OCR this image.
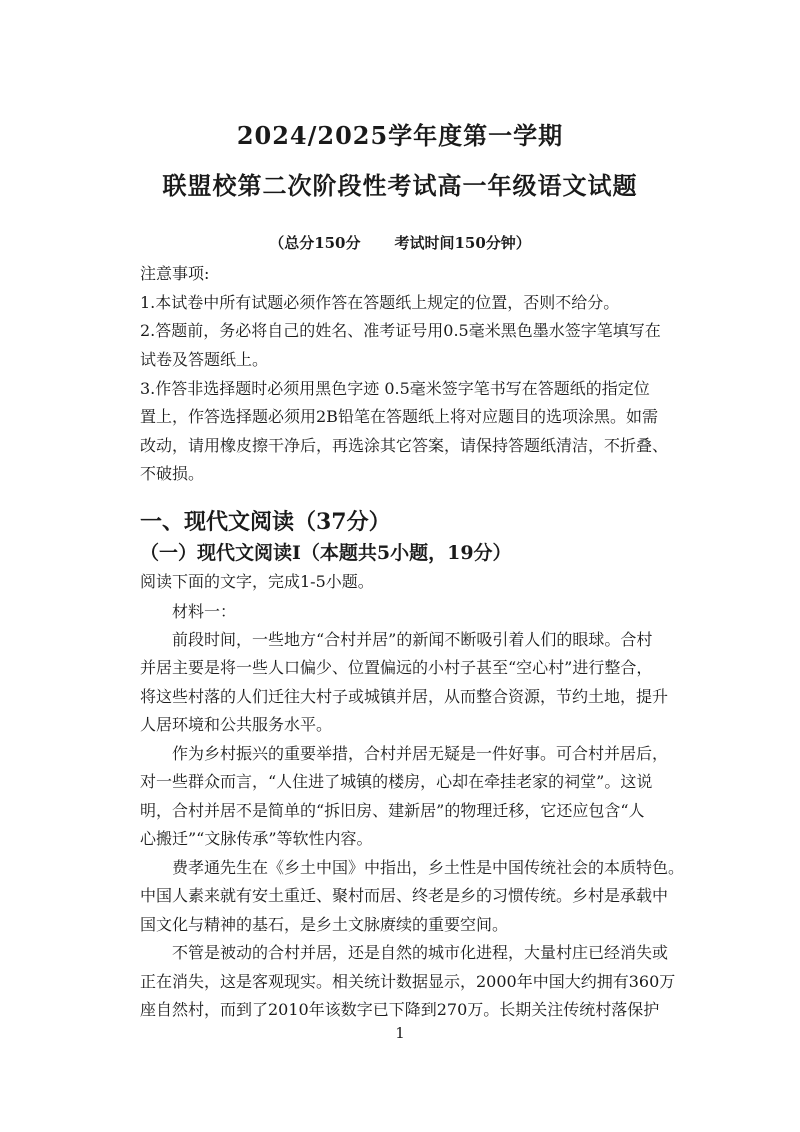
2024/2025学年度第一学期
联盟校第二次阶段性考试高一年级语文试题
（总分150分 考试时间150分钟）
注意事项:
1.本试卷中所有试题必须作答在答题纸上规定的位置，否则不给分。
2.答题前，务必将自己的姓名、准考证号用0.5毫米黑色墨水签字笔填写在
试卷及答题纸上。
3.作答非选择题时必须用黑色字迹 0.5毫米签字笔书写在答题纸的指定位
置上，作答选择题必须用2B铅笔在答题纸上将对应题目的选项涂黑。如需
改动，请用橡皮擦干净后，再选涂其它答案，请保持答题纸清洁，不折叠、
不破损。
一、现代文阅读（37分）
（一）现代文阅读Ⅰ（本题共5小题，19分）
阅读下面的文字，完成1-5小题。
材料一：
前段时间，一些地方“合村并居”的新闻不断吸引着人们的眼球。合村
并居主要是将一些人口偏少、位置偏远的小村子甚至“空心村”进行整合，
将这些村落的人们迁往大村子或城镇并居，从而整合资源，节约土地，提升
人居环境和公共服务水平。
作为乡村振兴的重要举措，合村并居无疑是一件好事。可合村并居后，
对一些群众而言，“人住进了城镇的楼房，心却在牵挂老家的祠堂”。这说
明，合村并居不是简单的“拆旧房、建新居”的物理迁移，它还应包含“人
心搬迁”“文脉传承”等软性内容。
费孝通先生在《乡土中国》中指出，乡土性是中国传统社会的本质特色。
中国人素来就有安土重迁、聚村而居、终老是乡的习惯传统。乡村是承载中
国文化与精神的基石，是乡土文脉赓续的重要空间。
不管是被动的合村并居，还是自然的城市化进程，大量村庄已经消失或
正在消失，这是客观现实。相关统计数据显示，2000年中国大约拥有360万
座自然村，而到了2010年该数字已下降到270万。长期关注传统村落保护
1
